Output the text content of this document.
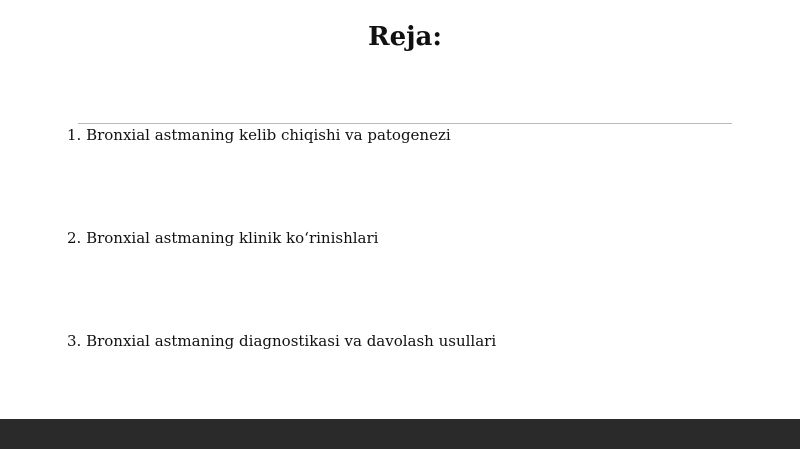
Reja:
1. Bronxial astmaning kelib chiqishi va patogenezi
2. Bronxial astmaning klinik ko‘rinishlari
3. Bronxial astmaning diagnostikasi va davolash usullari
